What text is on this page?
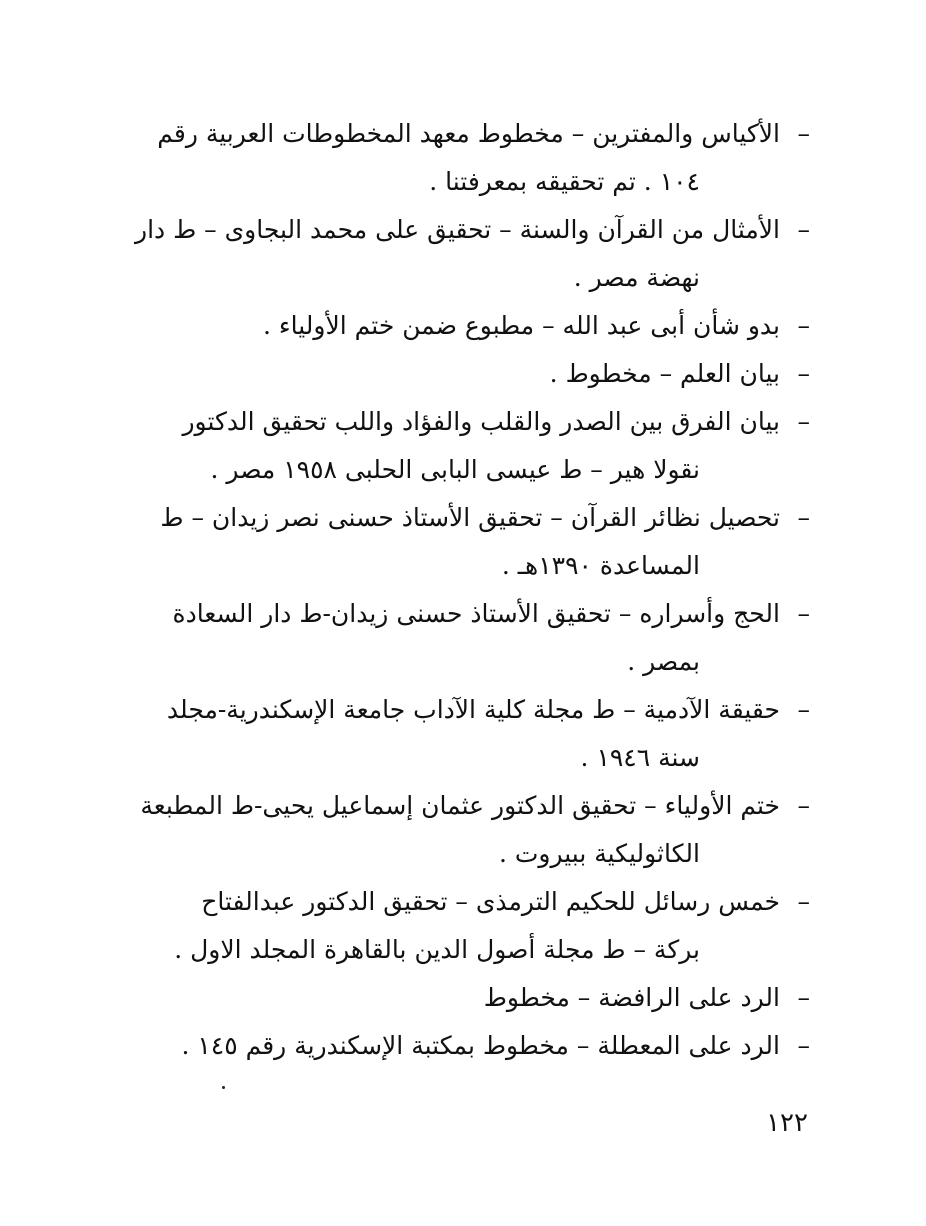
–الأكياس والمفترين – مخطوط معهد المخطوطات العربية رقم
١٠٤ . تم تحقيقه بمعرفتنا .
–الأمثال من القرآن والسنة – تحقيق على محمد البجاوى – ط دار
نهضة مصر .
–بدو شأن أبى عبد الله – مطبوع ضمن ختم الأولياء .
–بيان العلم – مخطوط .
–بيان الفرق بين الصدر والقلب والفؤاد واللب تحقيق الدكتور
نقولا هير – ط عيسى البابى الحلبى ١٩٥٨ مصر .
–تحصيل نظائر القرآن – تحقيق الأستاذ حسنى نصر زيدان – ط
المساعدة ١٣٩٠هـ .
–الحج وأسراره – تحقيق الأستاذ حسنى زيدان-ط دار السعادة
بمصر .
–حقيقة الآدمية – ط مجلة كلية الآداب جامعة الإسكندرية-مجلد
سنة ١٩٤٦ .
–ختم الأولياء – تحقيق الدكتور عثمان إسماعيل يحيى-ط المطبعة
الكاثوليكية ببيروت .
–خمس رسائل للحكيم الترمذى – تحقيق الدكتور عبدالفتاح
بركة – ط مجلة أصول الدين بالقاهرة المجلد الاول .
–الرد على الرافضة – مخطوط
–الرد على المعطلة – مخطوط بمكتبة الإسكندرية رقم ١٤٥ .
١٢٢
